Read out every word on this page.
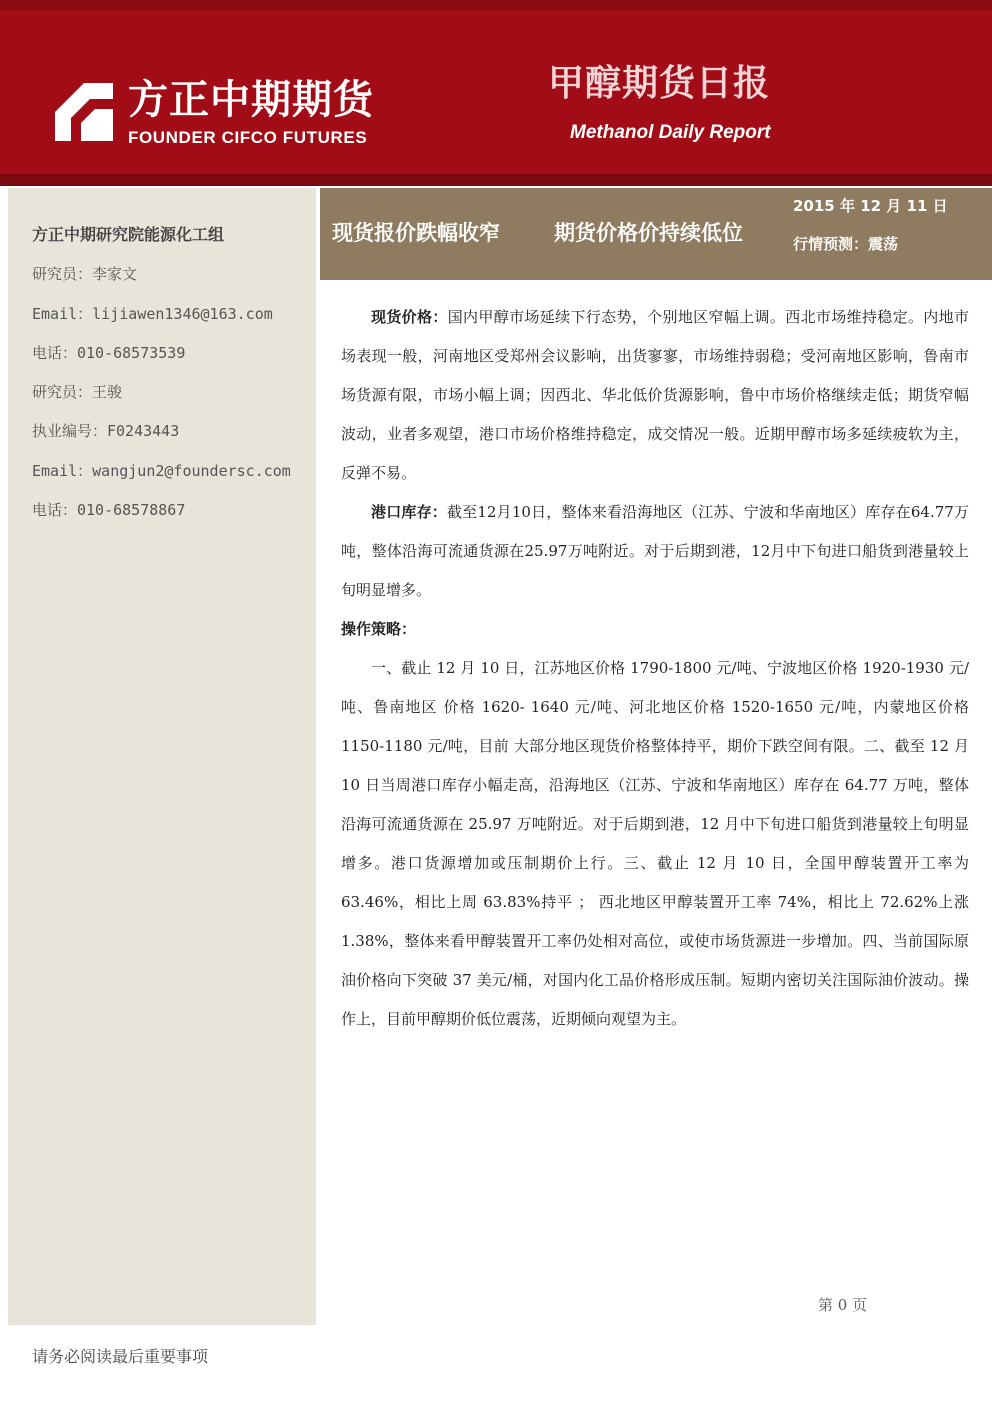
方正中期期货
FOUNDER CIFCO FUTURES
甲醇期货日报
Methanol Daily Report
方正中期研究院能源化工组
研究员：李家文
Email：lijiawen1346@163.com
电话：010-68573539
研究员：王骏
执业编号：F0243443
Email：wangjun2@foundersc.com
电话：010-68578867
现货报价跌幅收窄	期货价格价持续低位
2015 年 12 月 11 日
行情预测：震荡

现货价格：国内甲醇市场延续下行态势，个别地区窄幅上调。西北市场维持稳定。内地市场表现一般，河南地区受郑州会议影响，出货寥寥，市场维持弱稳；受河南地区影响，鲁南市场货源有限，市场小幅上调；因西北、华北低价货源影响，鲁中市场价格继续走低；期货窄幅波动，业者多观望，港口市场价格维持稳定，成交情况一般。近期甲醇市场多延续疲软为主，反弹不易。

港口库存：截至12月10日，整体来看沿海地区（江苏、宁波和华南地区）库存在64.77万吨，整体沿海可流通货源在25.97万吨附近。对于后期到港，12月中下旬进口船货到港量较上旬明显增多。

操作策略：

一、截止 12 月 10 日，江苏地区价格 1790-1800 元/吨、宁波地区价格 1920-1930 元/吨、鲁南地区 价格 1620- 1640 元/吨、河北地区价格 1520-1650 元/吨，内蒙地区价格 1150-1180 元/吨，目前 大部分地区现货价格整体持平，期价下跌空间有限。二、截至 12 月 10 日当周港口库存小幅走高，沿海地区（江苏、宁波和华南地区）库存在 64.77 万吨，整体沿海可流通货源在 25.97 万吨附近。对于后期到港，12 月中下旬进口船货到港量较上旬明显增多。港口货源增加或压制期价上行。三、截止 12 月 10 日，全国甲醇装置开工率为 63.46%，相比上周 63.83%持平 ； 西北地区甲醇装置开工率 74%，相比上 72.62%上涨 1.38%，整体来看甲醇装置开工率仍处相对高位，或使市场货源进一步增加。四、当前国际原油价格向下突破 37 美元/桶，对国内化工品价格形成压制。短期内密切关注国际油价波动。操作上，目前甲醇期价低位震荡，近期倾向观望为主。

第 0 页
请务必阅读最后重要事项
